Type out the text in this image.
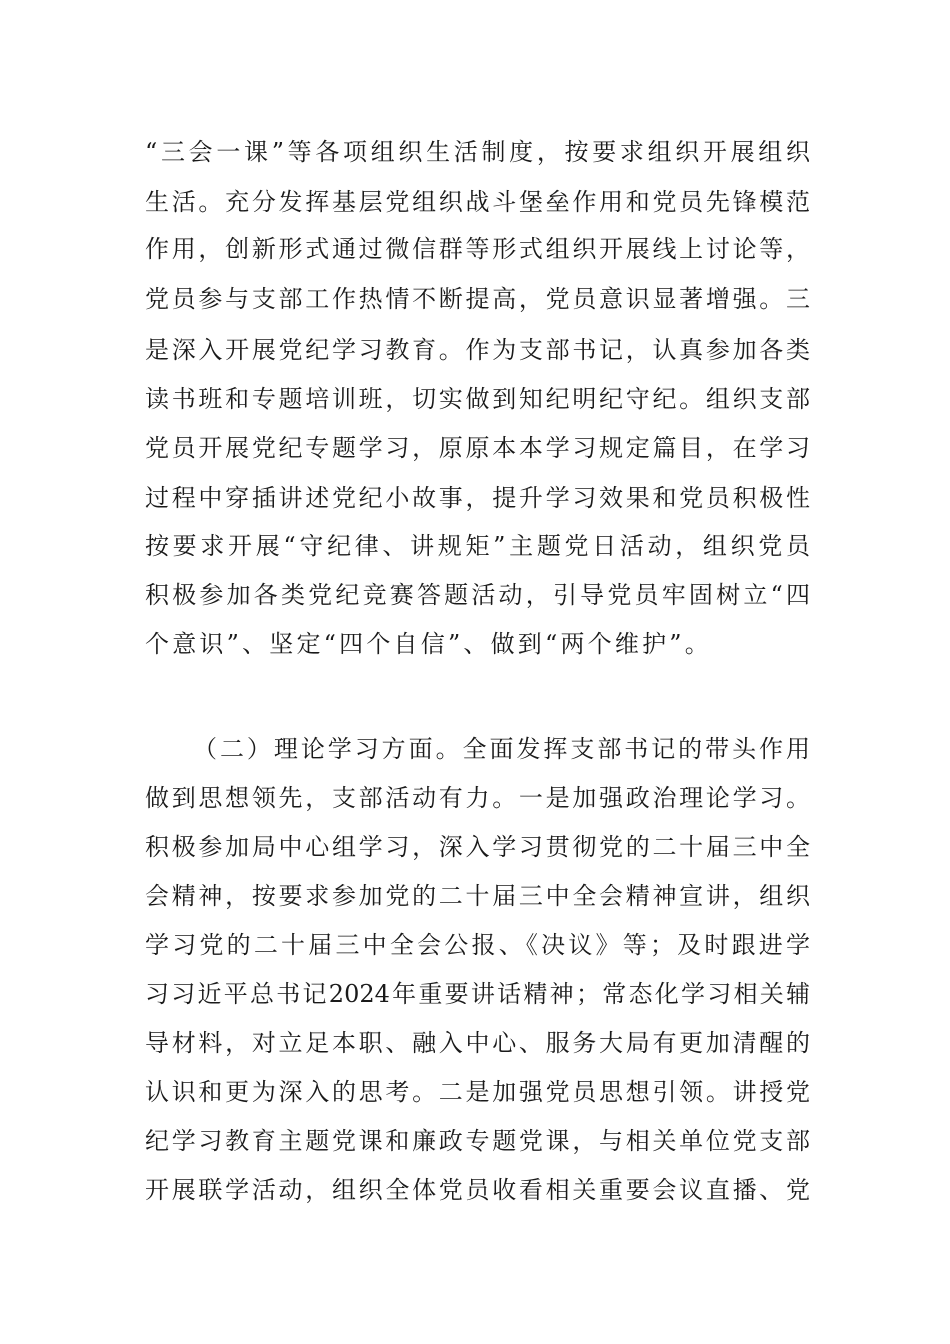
“三会一课”等各项组织生活制度，按要求组织开展组织
生活。充分发挥基层党组织战斗堡垒作用和党员先锋模范
作用，创新形式通过微信群等形式组织开展线上讨论等，
党员参与支部工作热情不断提高，党员意识显著增强。三
是深入开展党纪学习教育。作为支部书记，认真参加各类
读书班和专题培训班，切实做到知纪明纪守纪。组织支部
党员开展党纪专题学习，原原本本学习规定篇目，在学习
过程中穿插讲述党纪小故事，提升学习效果和党员积极性
按要求开展“守纪律、讲规矩”主题党日活动，组织党员
积极参加各类党纪竞赛答题活动，引导党员牢固树立“四
个意识”、坚定“四个自信”、做到“两个维护”。
（二）理论学习方面。全面发挥支部书记的带头作用
做到思想领先，支部活动有力。一是加强政治理论学习。
积极参加局中心组学习，深入学习贯彻党的二十届三中全
会精神，按要求参加党的二十届三中全会精神宣讲，组织
学习党的二十届三中全会公报、《决议》等；及时跟进学
习习近平总书记2024年重要讲话精神；常态化学习相关辅
导材料，对立足本职、融入中心、服务大局有更加清醒的
认识和更为深入的思考。二是加强党员思想引领。讲授党
纪学习教育主题党课和廉政专题党课，与相关单位党支部
开展联学活动，组织全体党员收看相关重要会议直播、党
